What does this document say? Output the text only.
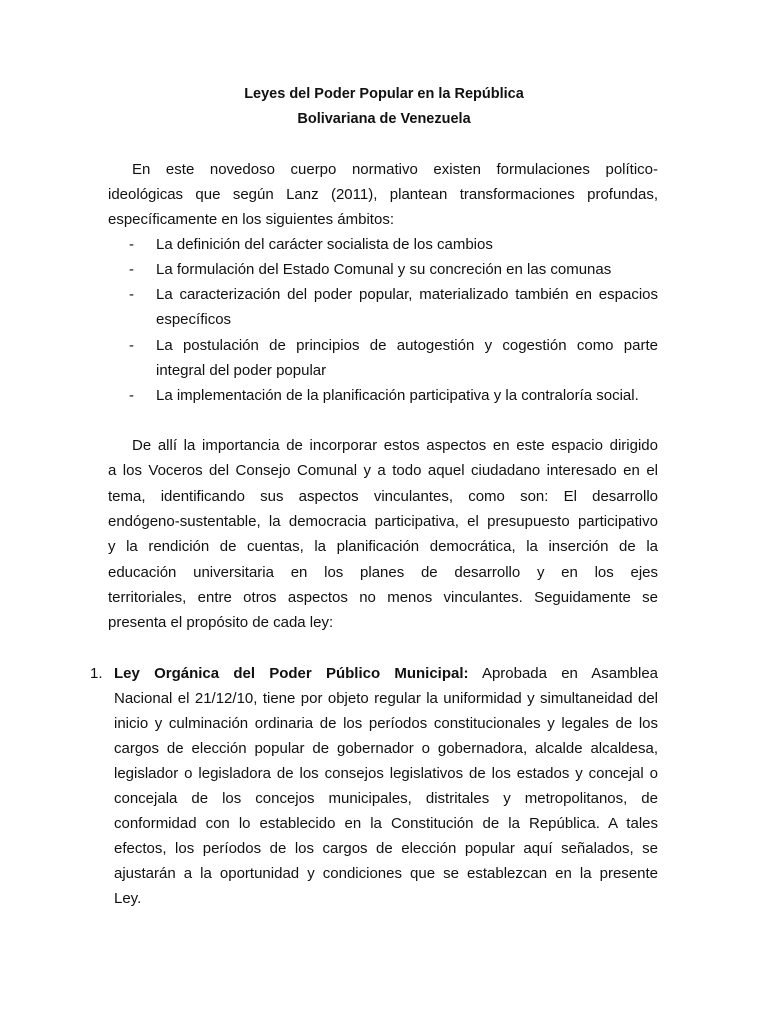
Leyes del Poder Popular en la República
Bolivariana de Venezuela
En este novedoso cuerpo normativo existen formulaciones político-
ideológicas que según Lanz (2011), plantean transformaciones profundas,
específicamente en los siguientes ámbitos:
- La definición del carácter socialista de los cambios
- La formulación del Estado Comunal y su concreción en las comunas
- La caracterización del poder popular, materializado también en espacios
específicos
- La postulación de principios de autogestión y cogestión como parte
integral del poder popular
- La implementación de la planificación participativa y la contraloría social.
De allí la importancia de incorporar estos aspectos en este espacio dirigido
a los Voceros del Consejo Comunal y a todo aquel ciudadano interesado en el
tema, identificando sus aspectos vinculantes, como son: El desarrollo
endógeno-sustentable, la democracia participativa, el presupuesto participativo
y la rendición de cuentas, la planificación democrática, la inserción de la
educación universitaria en los planes de desarrollo y en los ejes
territoriales, entre otros aspectos no menos vinculantes. Seguidamente se
presenta el propósito de cada ley:
1. Ley Orgánica del Poder Público Municipal: Aprobada en Asamblea
Nacional el 21/12/10, tiene por objeto regular la uniformidad y simultaneidad del
inicio y culminación ordinaria de los períodos constitucionales y legales de los
cargos de elección popular de gobernador o gobernadora, alcalde alcaldesa,
legislador o legisladora de los consejos legislativos de los estados y concejal o
concejala de los concejos municipales, distritales y metropolitanos, de
conformidad con lo establecido en la Constitución de la República. A tales
efectos, los períodos de los cargos de elección popular aquí señalados, se
ajustarán a la oportunidad y condiciones que se establezcan en la presente
Ley.
